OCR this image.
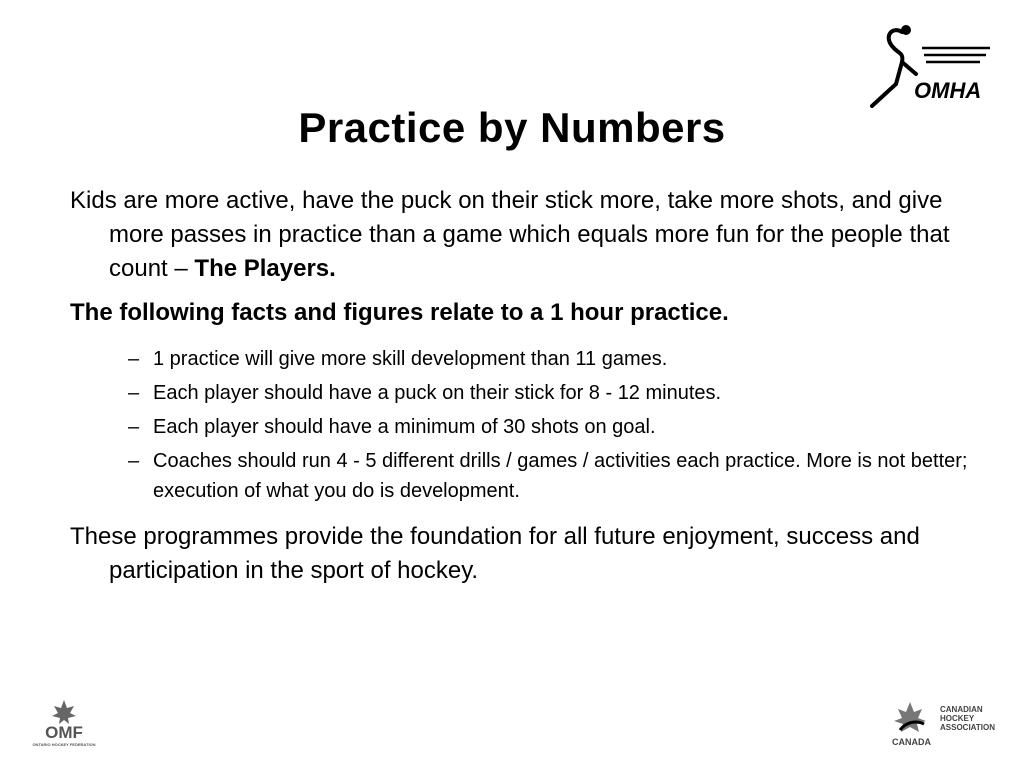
OMHA
Practice by Numbers

Kids are more active, have the puck on their stick more, take more shots, and give more passes in practice than a game which equals more fun for the people that count – The Players.

The following facts and figures relate to a 1 hour practice.

– 1 practice will give more skill development than 11 games.
– Each player should have a puck on their stick for 8 - 12 minutes.
– Each player should have a minimum of 30 shots on goal.
– Coaches should run 4 - 5 different drills / games / activities each practice. More is not better; execution of what you do is development.

These programmes provide the foundation for all future enjoyment, success and participation in the sport of hockey.

OMF
ONTARIO HOCKEY FEDERATION
CANADIAN
HOCKEY
ASSOCIATION
CANADA
